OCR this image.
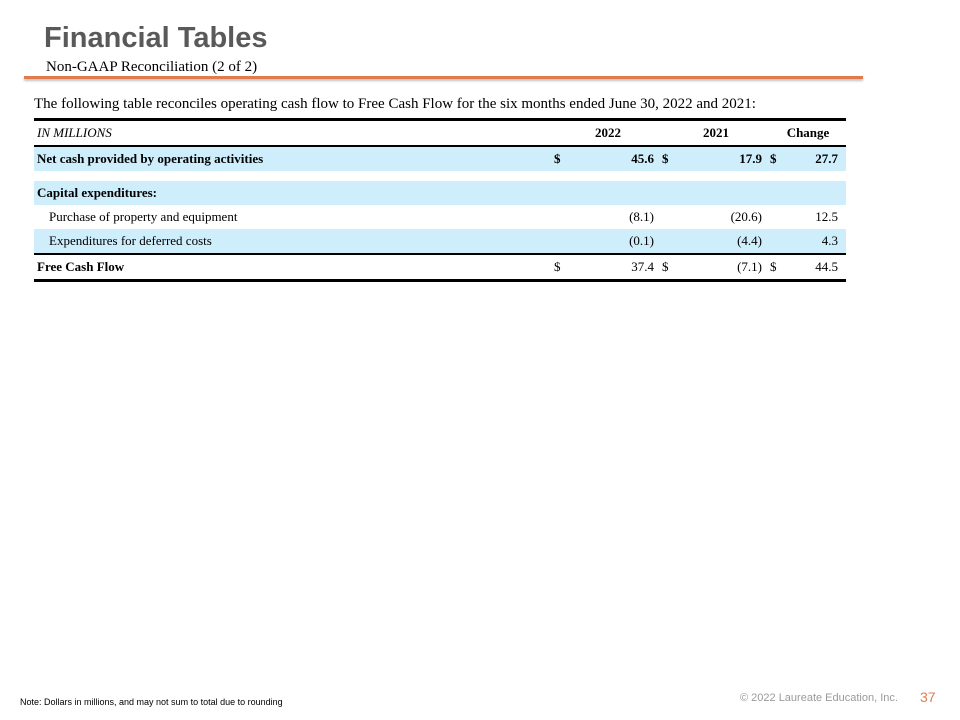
Financial Tables
Non-GAAP Reconciliation (2 of 2)
The following table reconciles operating cash flow to Free Cash Flow for the six months ended June 30, 2022 and 2021:
IN MILLIONS	2022		2021		Change	
Net cash provided by operating activities	$	45.6	$	17.9	$	27.7

Capital expenditures:						
Purchase of property and equipment		(8.1)		(20.6)		12.5
Expenditures for deferred costs		(0.1)		(4.4)		4.3
Free Cash Flow	$	37.4	$	(7.1)	$	44.5
Note: Dollars in millions, and may not sum to total due to rounding	© 2022 Laureate Education, Inc. 37
